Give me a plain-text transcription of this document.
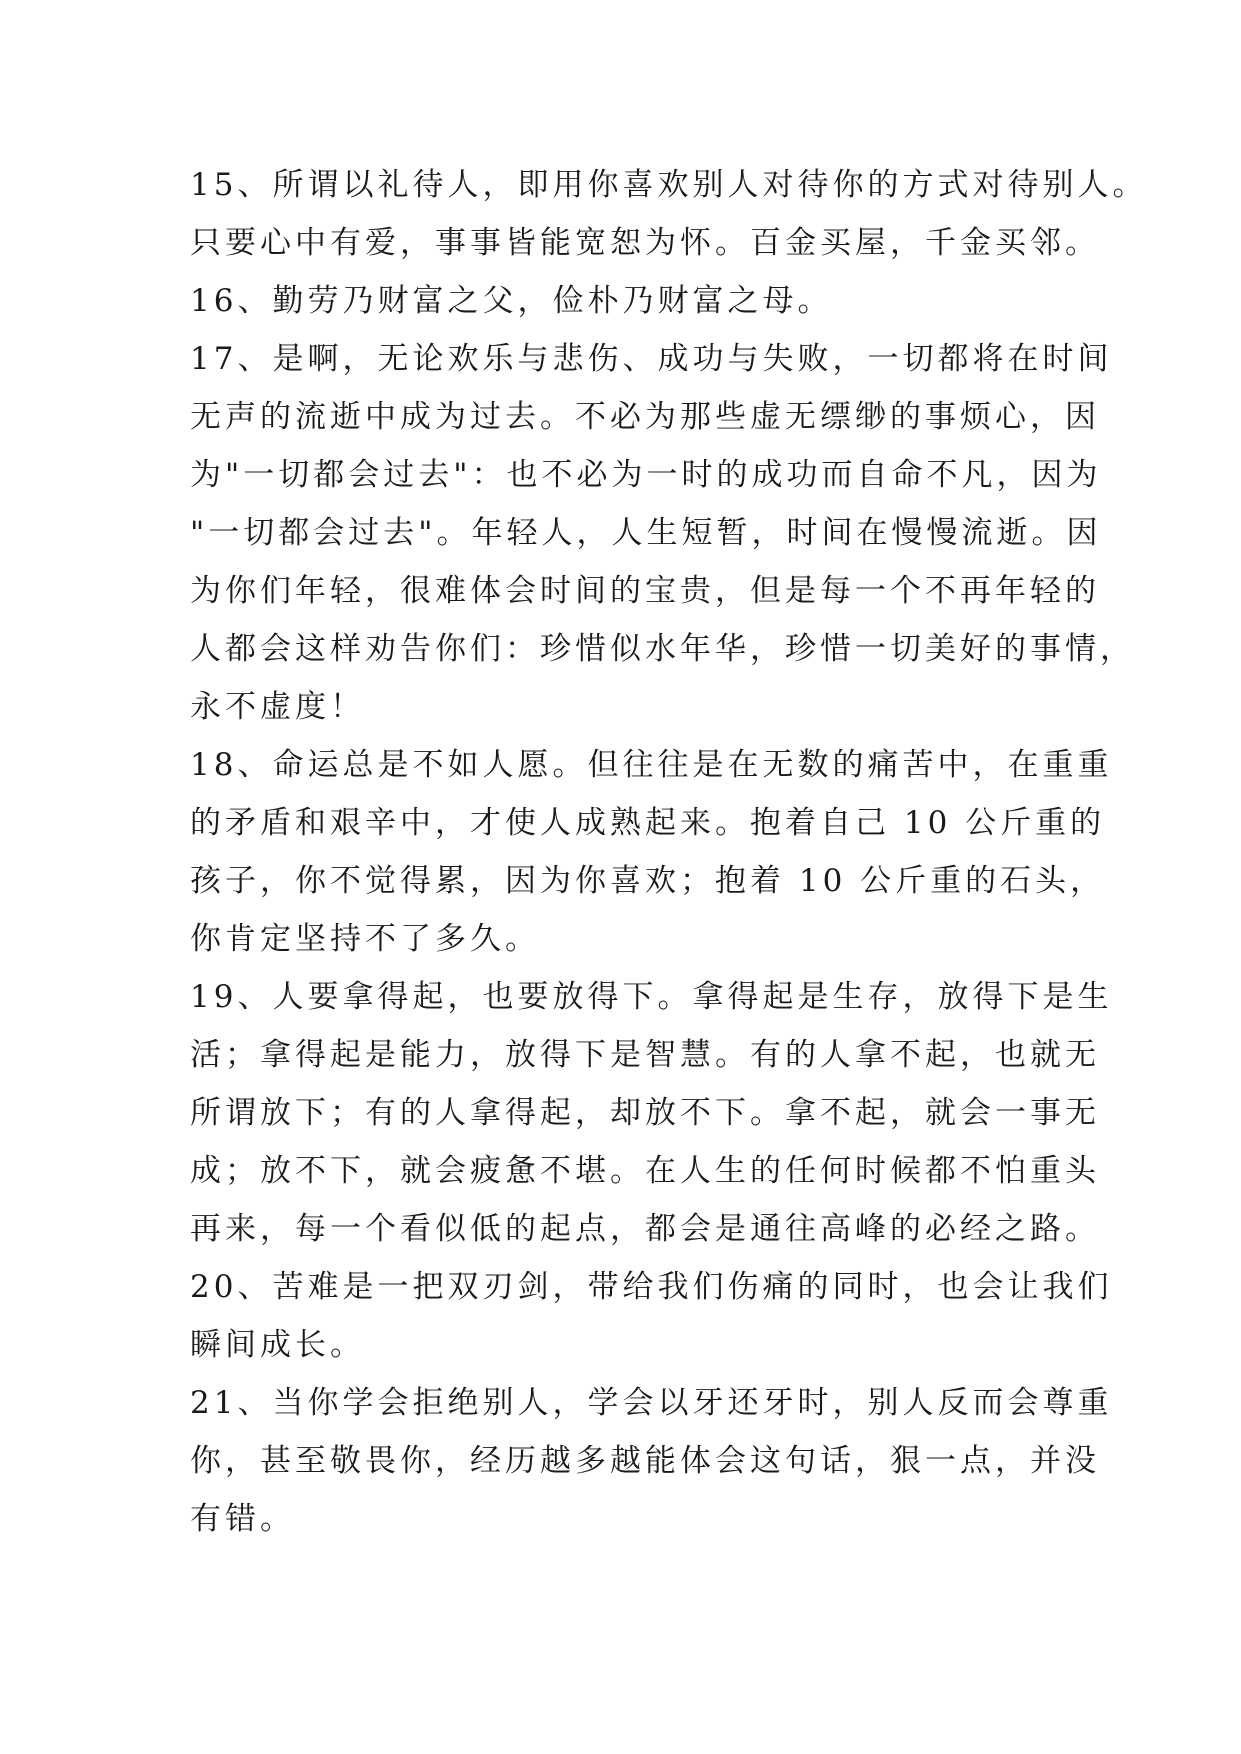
15、所谓以礼待人，即用你喜欢别人对待你的方式对待别人。
只要心中有爱，事事皆能宽恕为怀。百金买屋，千金买邻。
16、勤劳乃财富之父，俭朴乃财富之母。
17、是啊，无论欢乐与悲伤、成功与失败，一切都将在时间
无声的流逝中成为过去。不必为那些虚无缥缈的事烦心，因
为"一切都会过去"：也不必为一时的成功而自命不凡，因为
"一切都会过去"。年轻人，人生短暂，时间在慢慢流逝。因
为你们年轻，很难体会时间的宝贵，但是每一个不再年轻的
人都会这样劝告你们：珍惜似水年华，珍惜一切美好的事情，
永不虚度！
18、命运总是不如人愿。但往往是在无数的痛苦中，在重重
的矛盾和艰辛中，才使人成熟起来。抱着自己 10 公斤重的
孩子，你不觉得累，因为你喜欢；抱着 10 公斤重的石头，
你肯定坚持不了多久。
19、人要拿得起，也要放得下。拿得起是生存，放得下是生
活；拿得起是能力，放得下是智慧。有的人拿不起，也就无
所谓放下；有的人拿得起，却放不下。拿不起，就会一事无
成；放不下，就会疲惫不堪。在人生的任何时候都不怕重头
再来，每一个看似低的起点，都会是通往高峰的必经之路。
20、苦难是一把双刃剑，带给我们伤痛的同时，也会让我们
瞬间成长。
21、当你学会拒绝别人，学会以牙还牙时，别人反而会尊重
你，甚至敬畏你，经历越多越能体会这句话，狠一点，并没
有错。
